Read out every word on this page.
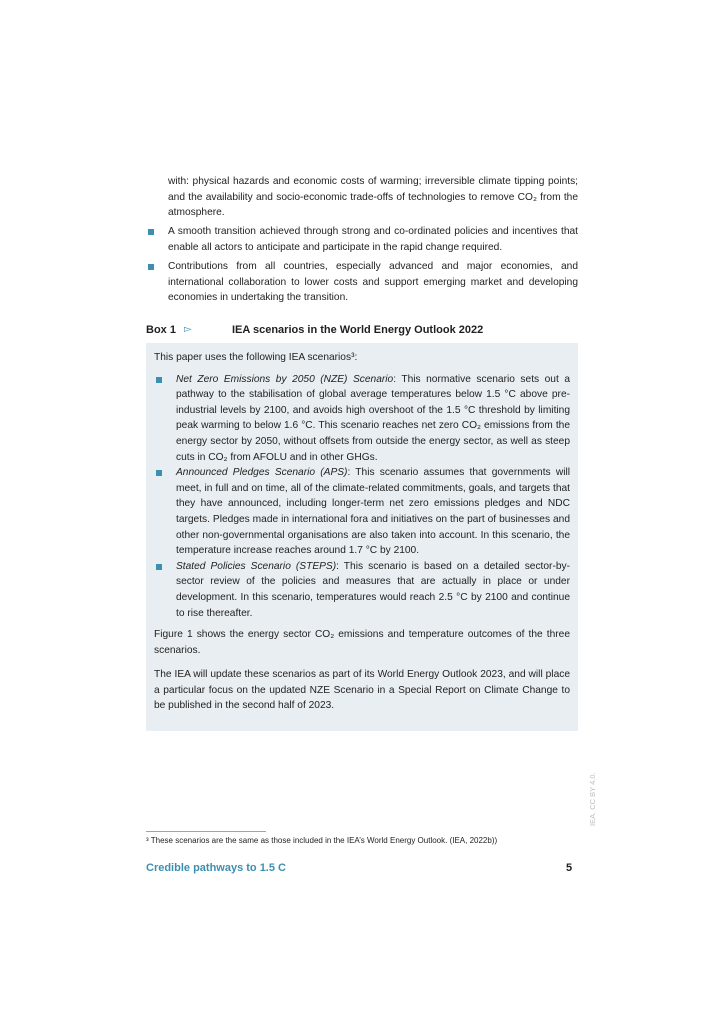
with: physical hazards and economic costs of warming; irreversible climate tipping points; and the availability and socio-economic trade-offs of technologies to remove CO₂ from the atmosphere.

A smooth transition achieved through strong and co-ordinated policies and incentives that enable all actors to anticipate and participate in the rapid change required.
Contributions from all countries, especially advanced and major economies, and international collaboration to lower costs and support emerging market and developing economies in undertaking the transition.
Box 1 ▻	IEA scenarios in the World Energy Outlook 2022

This paper uses the following IEA scenarios³:

Net Zero Emissions by 2050 (NZE) Scenario: This normative scenario sets out a pathway to the stabilisation of global average temperatures below 1.5 °C above pre-industrial levels by 2100, and avoids high overshoot of the 1.5 °C threshold by limiting peak warming to below 1.6 °C. This scenario reaches net zero CO₂ emissions from the energy sector by 2050, without offsets from outside the energy sector, as well as steep cuts in CO₂ from AFOLU and in other GHGs.
Announced Pledges Scenario (APS): This scenario assumes that governments will meet, in full and on time, all of the climate-related commitments, goals, and targets that they have announced, including longer-term net zero emissions pledges and NDC targets. Pledges made in international fora and initiatives on the part of businesses and other non-governmental organisations are also taken into account. In this scenario, the temperature increase reaches around 1.7 °C by 2100.
Stated Policies Scenario (STEPS): This scenario is based on a detailed sector-by-sector review of the policies and measures that are actually in place or under development. In this scenario, temperatures would reach 2.5 °C by 2100 and continue to rise thereafter.

Figure 1 shows the energy sector CO₂ emissions and temperature outcomes of the three scenarios.

The IEA will update these scenarios as part of its World Energy Outlook 2023, and will place a particular focus on the updated NZE Scenario in a Special Report on Climate Change to be published in the second half of 2023.

IEA. CC BY 4.0.
³ These scenarios are the same as those included in the IEA’s World Energy Outlook. (IEA, 2022b))
Credible pathways to 1.5 C	5
